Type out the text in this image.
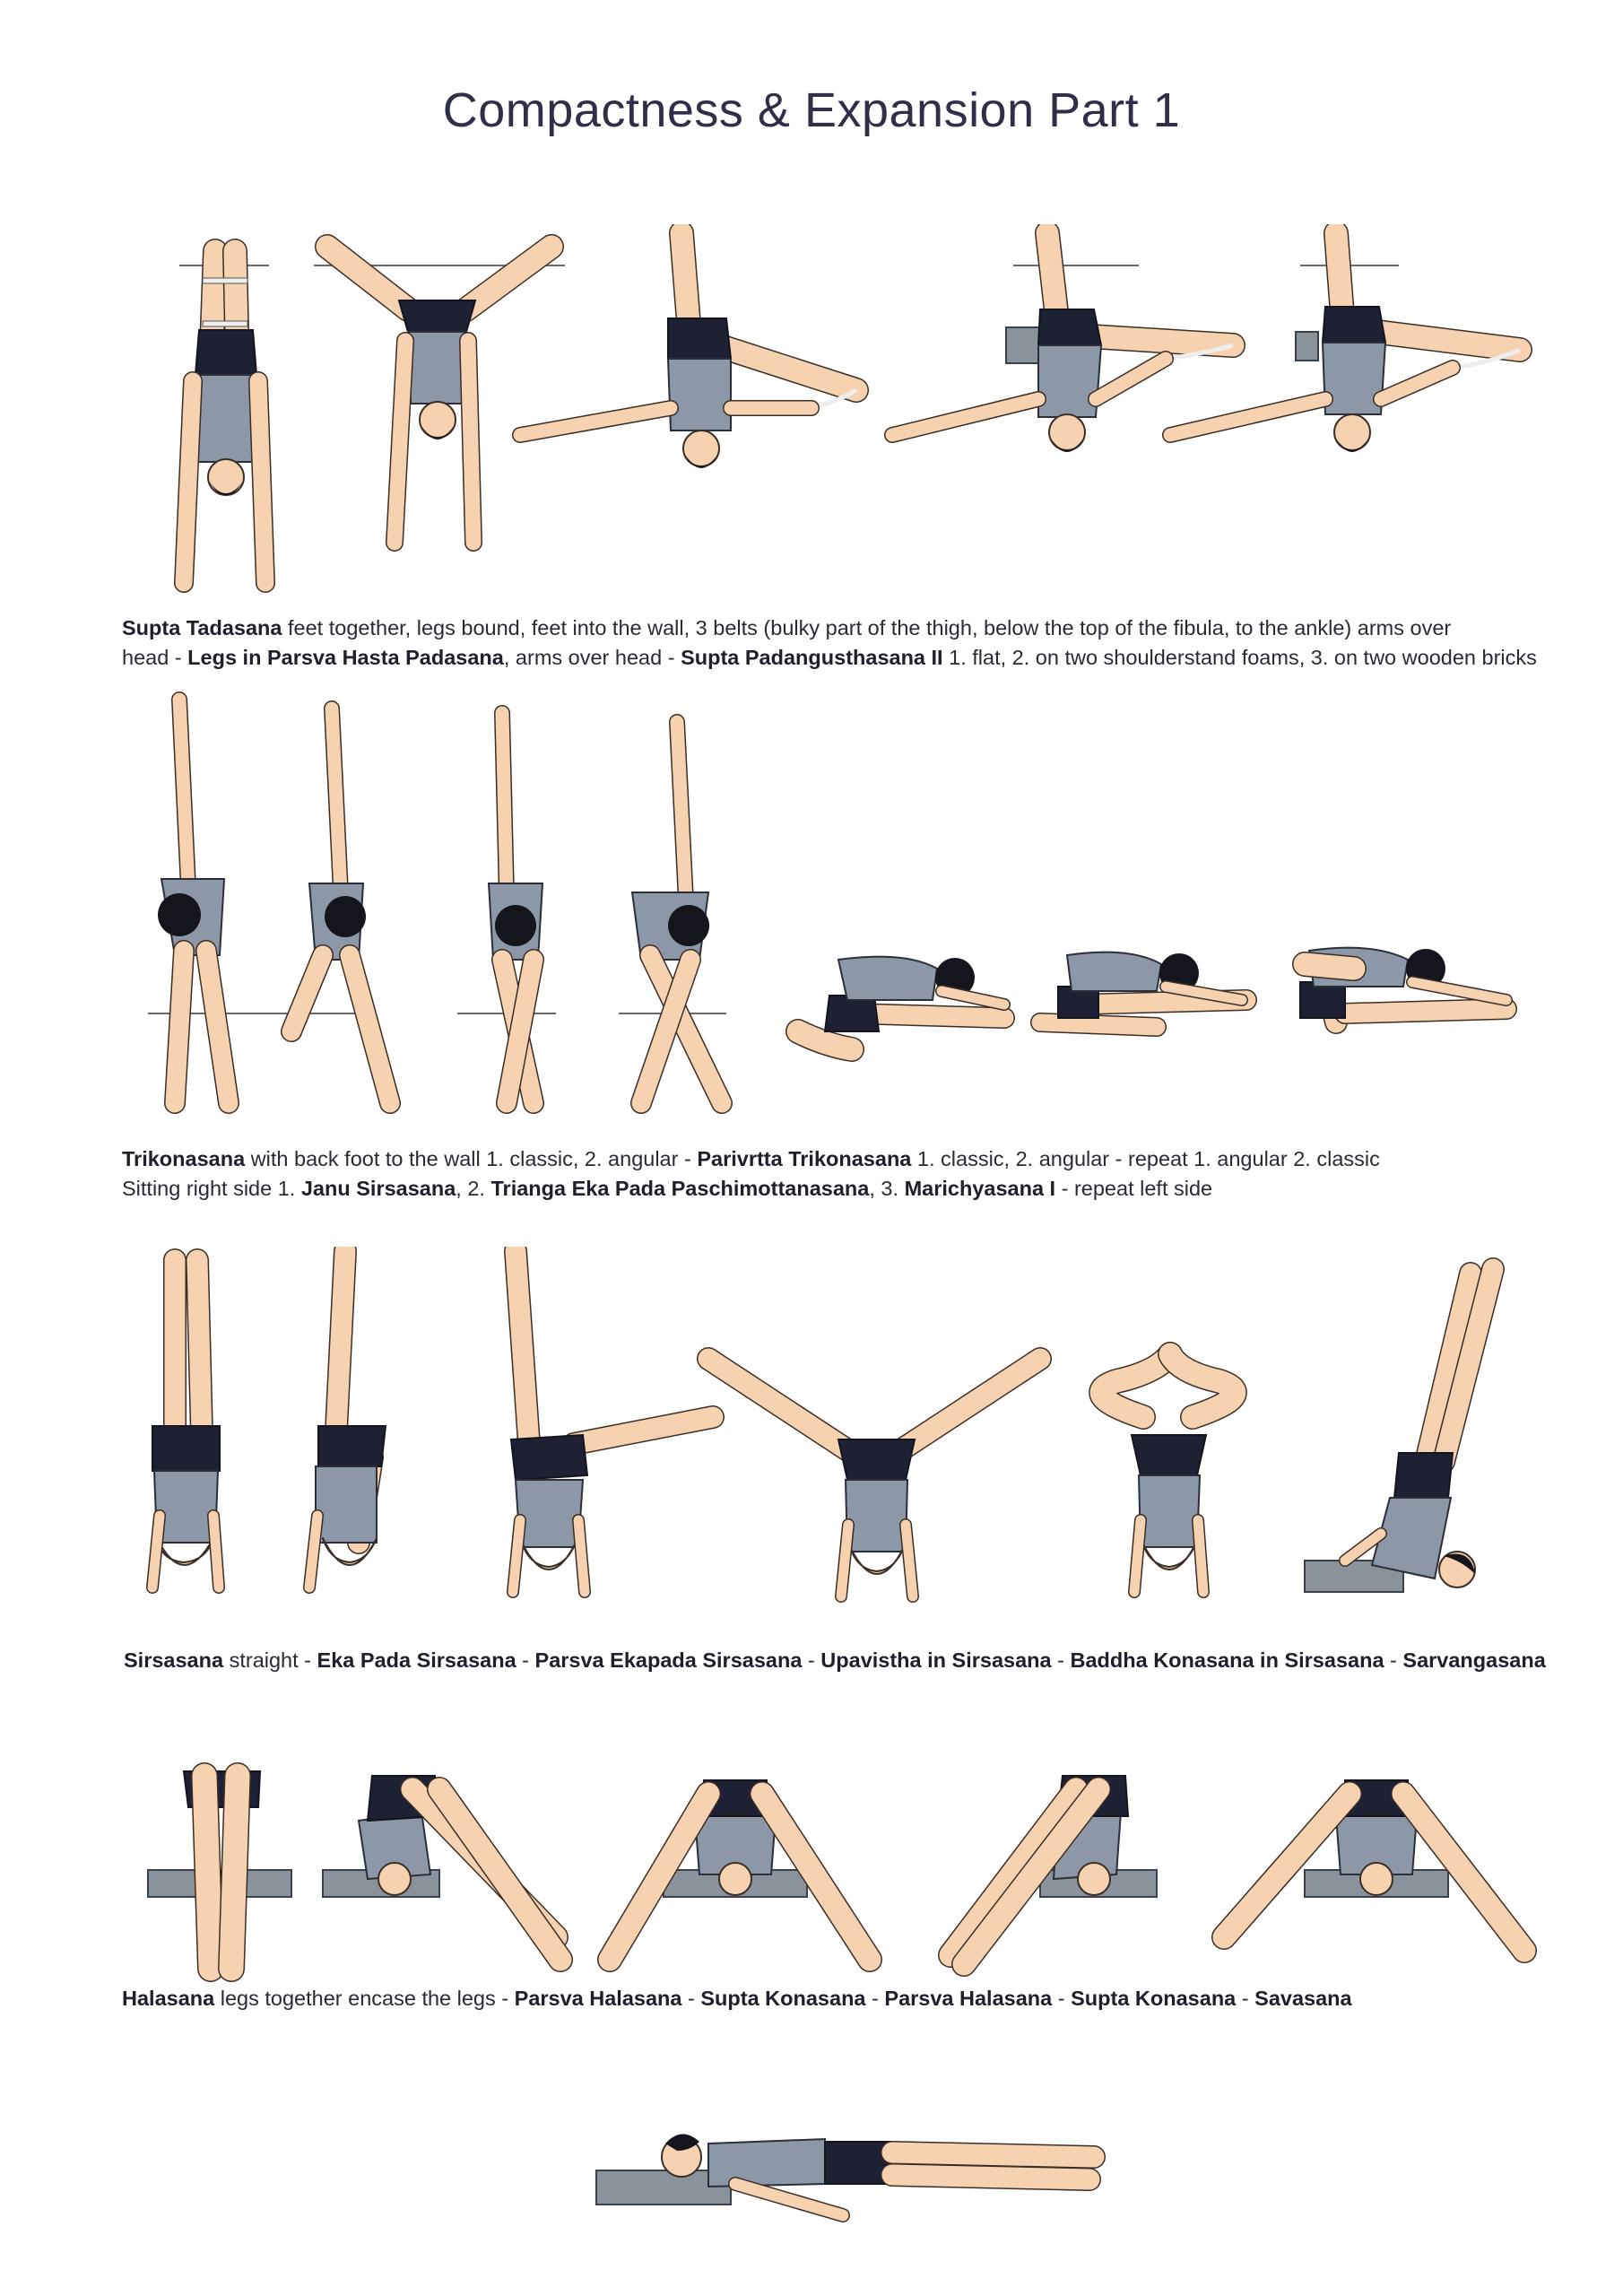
Compactness & Expansion Part 1
Supta Tadasana feet together, legs bound, feet into the wall, 3 belts (bulky part of the thigh, below the top of the fibula, to the ankle) arms over
head - Legs in Parsva Hasta Padasana, arms over head - Supta Padangusthasana II 1. flat, 2. on two shoulderstand foams, 3. on two wooden bricks
Trikonasana with back foot to the wall 1. classic, 2. angular - Parivrtta Trikonasana 1. classic, 2. angular - repeat 1. angular 2. classic
Sitting right side 1. Janu Sirsasana, 2. Trianga Eka Pada Paschimottanasana, 3. Marichyasana I - repeat left side
Sirsasana straight - Eka Pada Sirsasana - Parsva Ekapada Sirsasana - Upavistha in Sirsasana - Baddha Konasana in Sirsasana - Sarvangasana
Halasana legs together encase the legs - Parsva Halasana - Supta Konasana - Parsva Halasana - Supta Konasana - Savasana
